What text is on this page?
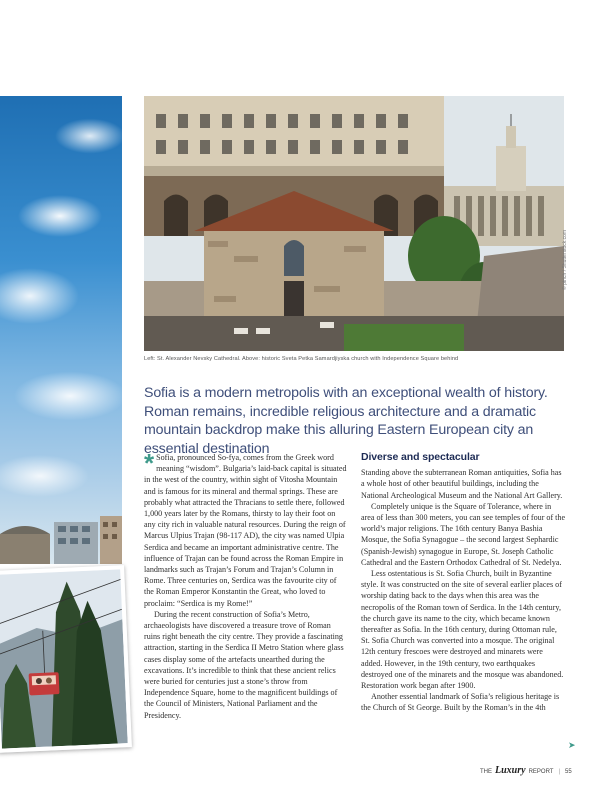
© ptrich / Shutterstock.com
Left: St. Alexander Nevsky Cathedral. Above: historic Sveta Petka Samardjiyska church with Independence Square behind
Sofia is a modern metropolis with an exceptional wealth of history. Roman remains, incredible religious architecture and a dramatic mountain backdrop make this alluring Eastern European city an essential destination
* Sofia, pronounced So-fya, comes from the Greek word meaning “wisdom”. Bulgaria’s laid-back capital is situated in the west of the country, within sight of Vitosha Mountain and is famous for its mineral and thermal springs. These are probably what attracted the Thracians to settle there, followed 1,000 years later by the Romans, thirsty to lay their foot on any city rich in valuable natural resources. During the reign of Marcus Ulpius Trajan (98-117 AD), the city was named Ulpia Serdica and became an important administrative centre. The influence of Trajan can be found across the Roman Empire in landmarks such as Trajan’s Forum and Trajan’s Column in Rome. Three centuries on, Serdica was the favourite city of the Roman Emperor Konstantin the Great, who loved to proclaim: “Serdica is my Rome!”

During the recent construction of Sofia’s Metro, archaeologists have discovered a treasure trove of Roman ruins right beneath the city centre. They provide a fascinating attraction, starting in the Serdica II Metro Station where glass cases display some of the artefacts unearthed during the excavations. It’s incredible to think that these ancient relics were buried for centuries just a stone’s throw from Independence Square, home to the magnificent buildings of the Council of Ministers, National Parliament and the Presidency.

Diverse and spectacular

Standing above the subterranean Roman antiquities, Sofia has a whole host of other beautiful buildings, including the National Archeological Museum and the National Art Gallery.

Completely unique is the Square of Tolerance, where in area of less than 300 meters, you can see temples of four of the world’s major religions. The 16th century Banya Bashia Mosque, the Sofia Synagogue – the second largest Sephardic (Spanish-Jewish) synagogue in Europe, St. Joseph Catholic Cathedral and the Eastern Orthodox Cathedral of St. Nedelya.

Less ostentatious is St. Sofia Church, built in Byzantine style. It was constructed on the site of several earlier places of worship dating back to the days when this area was the necropolis of the Roman town of Serdica. In the 14th century, the church gave its name to the city, which became known thereafter as Sofia. In the 16th century, during Ottoman rule, St. Sofia Church was converted into a mosque. The original 12th century frescoes were destroyed and minarets were added. However, in the 19th century, two earthquakes destroyed one of the minarets and the mosque was abandoned. Restoration work began after 1900.

Another essential landmark of Sofia’s religious heritage is the Church of St George. Built by the Roman’s in the 4th

➤
THE Luxury REPORT | 55
